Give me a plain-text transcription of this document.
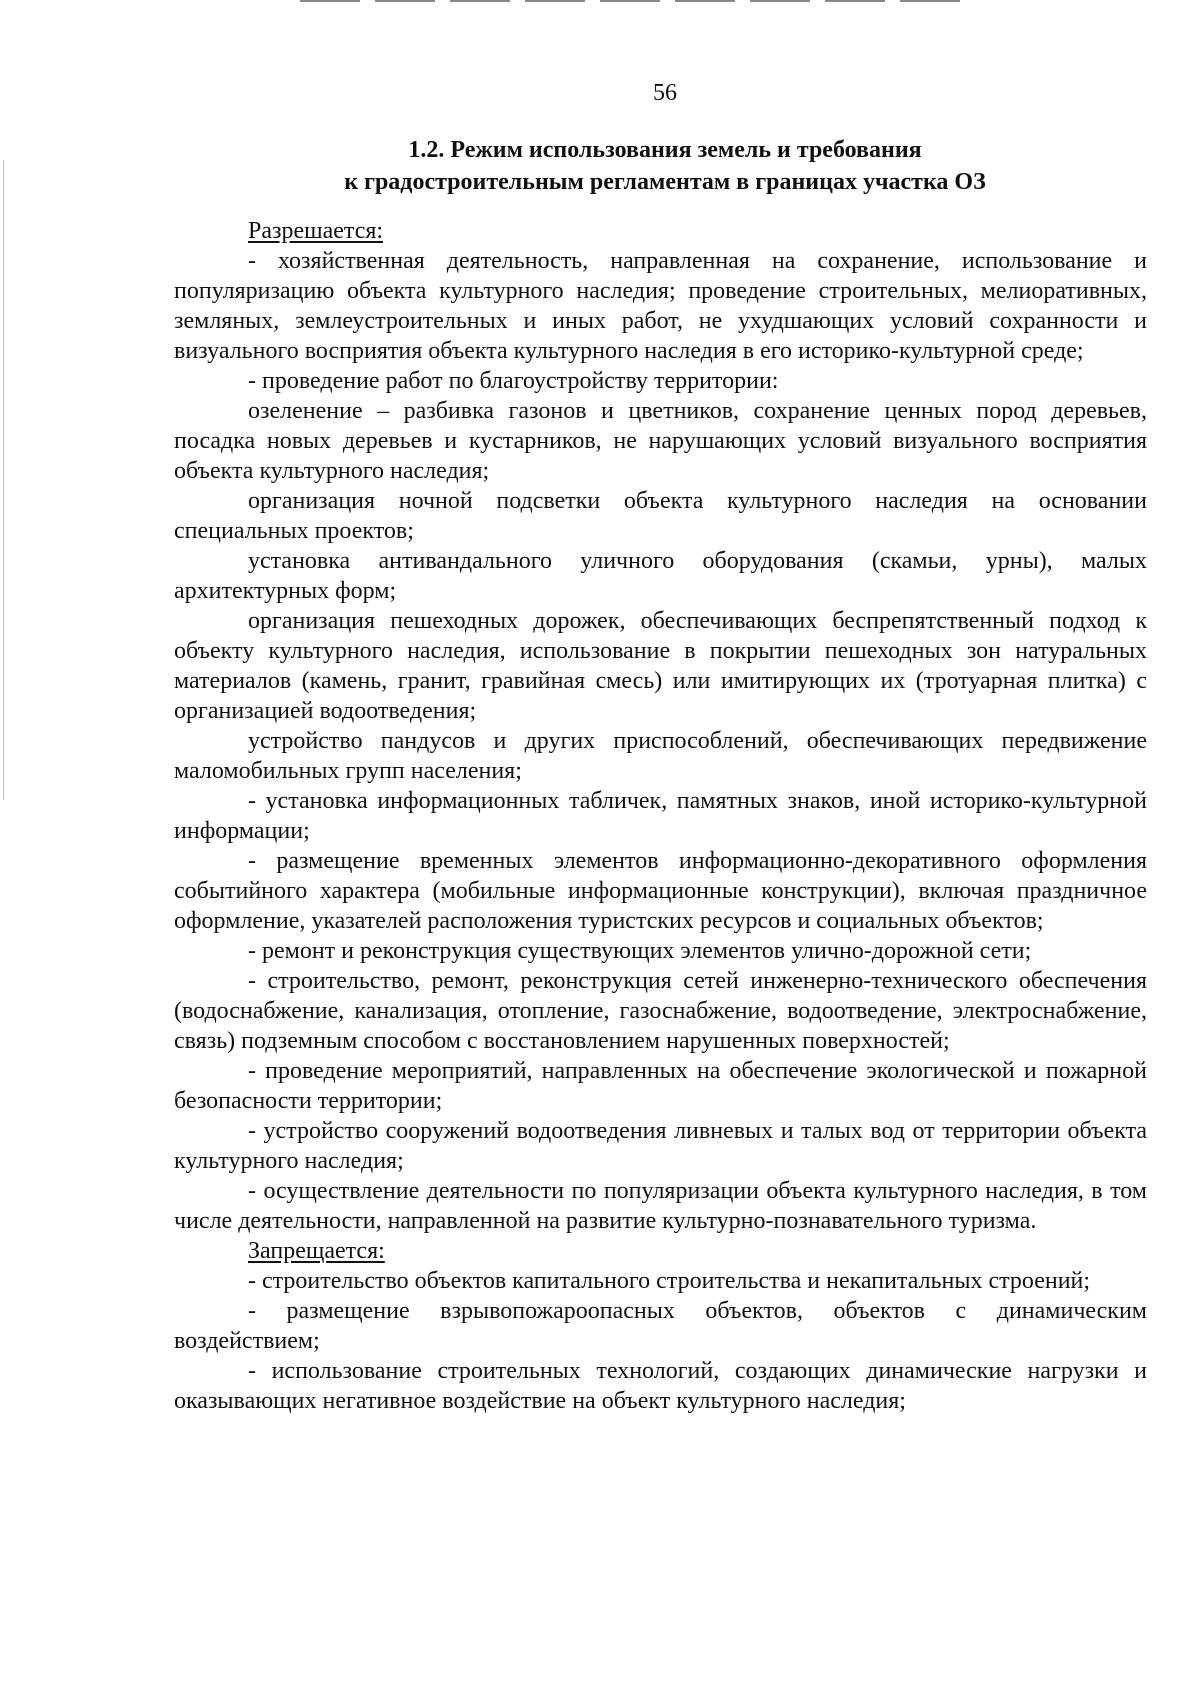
56
1.2. Режим использования земель и требования
к градостроительным регламентам в границах участка ОЗ
Разрешается:

- хозяйственная деятельность, направленная на сохранение, использование и популяризацию объекта культурного наследия; проведение строительных, мелиоративных, земляных, землеустроительных и иных работ, не ухудшающих условий сохранности и визуального восприятия объекта культурного наследия в его историко-культурной среде;

- проведение работ по благоустройству территории:

озеленение – разбивка газонов и цветников, сохранение ценных пород деревьев, посадка новых деревьев и кустарников, не нарушающих условий визуального восприятия объекта культурного наследия;

организация ночной подсветки объекта культурного наследия на основании специальных проектов;

установка антивандального уличного оборудования (скамьи, урны), малых архитектурных форм;

организация пешеходных дорожек, обеспечивающих беспрепятственный подход к объекту культурного наследия, использование в покрытии пешеходных зон натуральных материалов (камень, гранит, гравийная смесь) или имитирующих их (тротуарная плитка) с организацией водоотведения;

устройство пандусов и других приспособлений, обеспечивающих передвижение маломобильных групп населения;

- установка информационных табличек, памятных знаков, иной историко-культурной информации;

- размещение временных элементов информационно-декоративного оформления событийного характера (мобильные информационные конструкции), включая праздничное оформление, указателей расположения туристских ресурсов и социальных объектов;

- ремонт и реконструкция существующих элементов улично-дорожной сети;

- строительство, ремонт, реконструкция сетей инженерно-технического обеспечения (водоснабжение, канализация, отопление, газоснабжение, водоотведение, электроснабжение, связь) подземным способом с восстановлением нарушенных поверхностей;

- проведение мероприятий, направленных на обеспечение экологической и пожарной безопасности территории;

- устройство сооружений водоотведения ливневых и талых вод от территории объекта культурного наследия;

- осуществление деятельности по популяризации объекта культурного наследия, в том числе деятельности, направленной на развитие культурно-познавательного туризма.

Запрещается:

- строительство объектов капитального строительства и некапитальных строений;

- размещение взрывопожароопасных объектов, объектов с динамическим воздействием;

- использование строительных технологий, создающих динамические нагрузки и оказывающих негативное воздействие на объект культурного наследия;
